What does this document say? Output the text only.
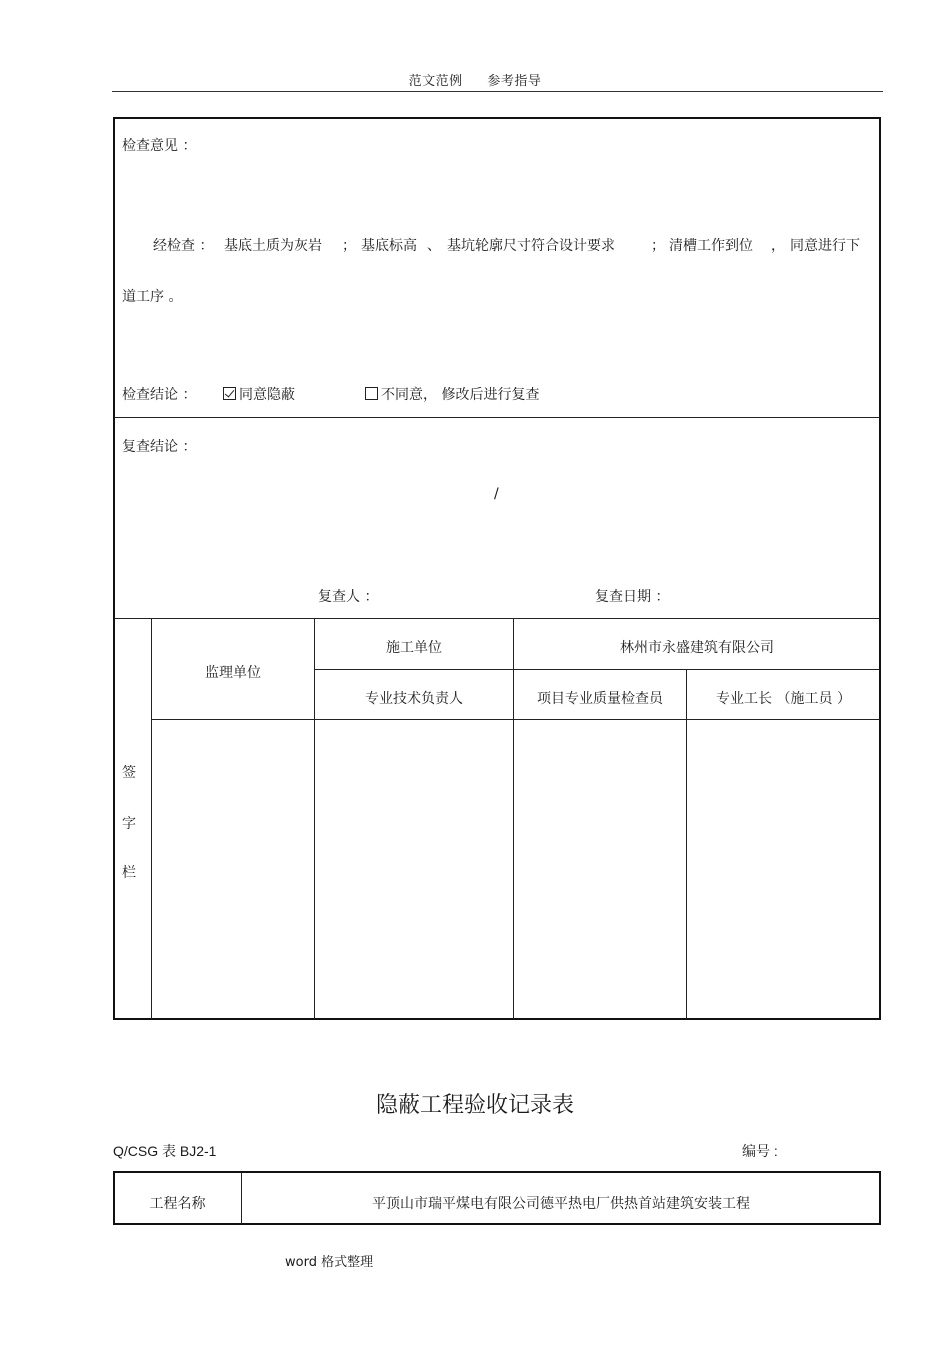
范文范例 参考指导
检查意见 ：
经检查 ： 基底土质为灰岩 ； 基底标高 、 基坑轮廓尺寸符合设计要求	； 清槽工作到位 ， 同意进行下
道工序 。
检查结论 ：	同意隐蔽	不同意， 修改后进行复查
复查结论 ：
/
复查人 ：	复查日期 ：
签
字
栏
监理单位
施工单位	林州市永盛建筑有限公司
专业技术负责人	项目专业质量检查员	专业工长 （施工员 ）
隐蔽工程验收记录表
Q/CSG 表 BJ2-1	编号 :
工程名称	平顶山市瑞平煤电有限公司德平热电厂供热首站建筑安装工程
word 格式整理
